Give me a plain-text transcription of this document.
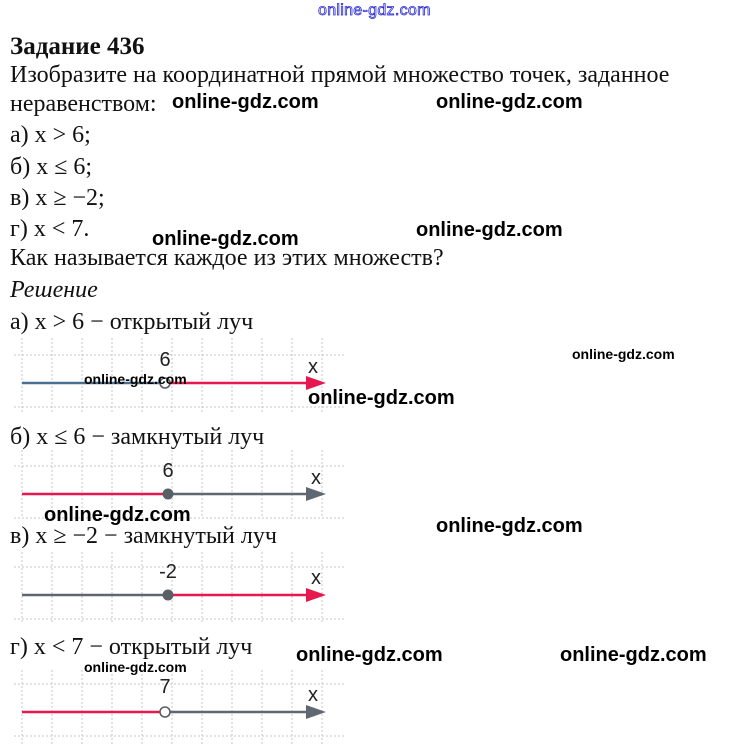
online-gdz.com
Задание 436
Изобразите на координатной прямой множество точек, заданное
неравенством:
а) x > 6;
б) x ≤ 6;
в) x ≥ −2;
г) x < 7.
Как называется каждое из этих множеств?
Решение
а) x > 6 − открытый луч
6	x
б) x ≤ 6 − замкнутый луч
6	x
в) x ≥ −2 − замкнутый луч
-2	x
г) x < 7 − открытый луч
7	x
online-gdz.com	online-gdz.com
online-gdz.com
online-gdz.com
online-gdz.com
online-gdz.com
online-gdz.com
online-gdz.com	online-gdz.com
online-gdz.com	online-gdz.com
online-gdz.com
